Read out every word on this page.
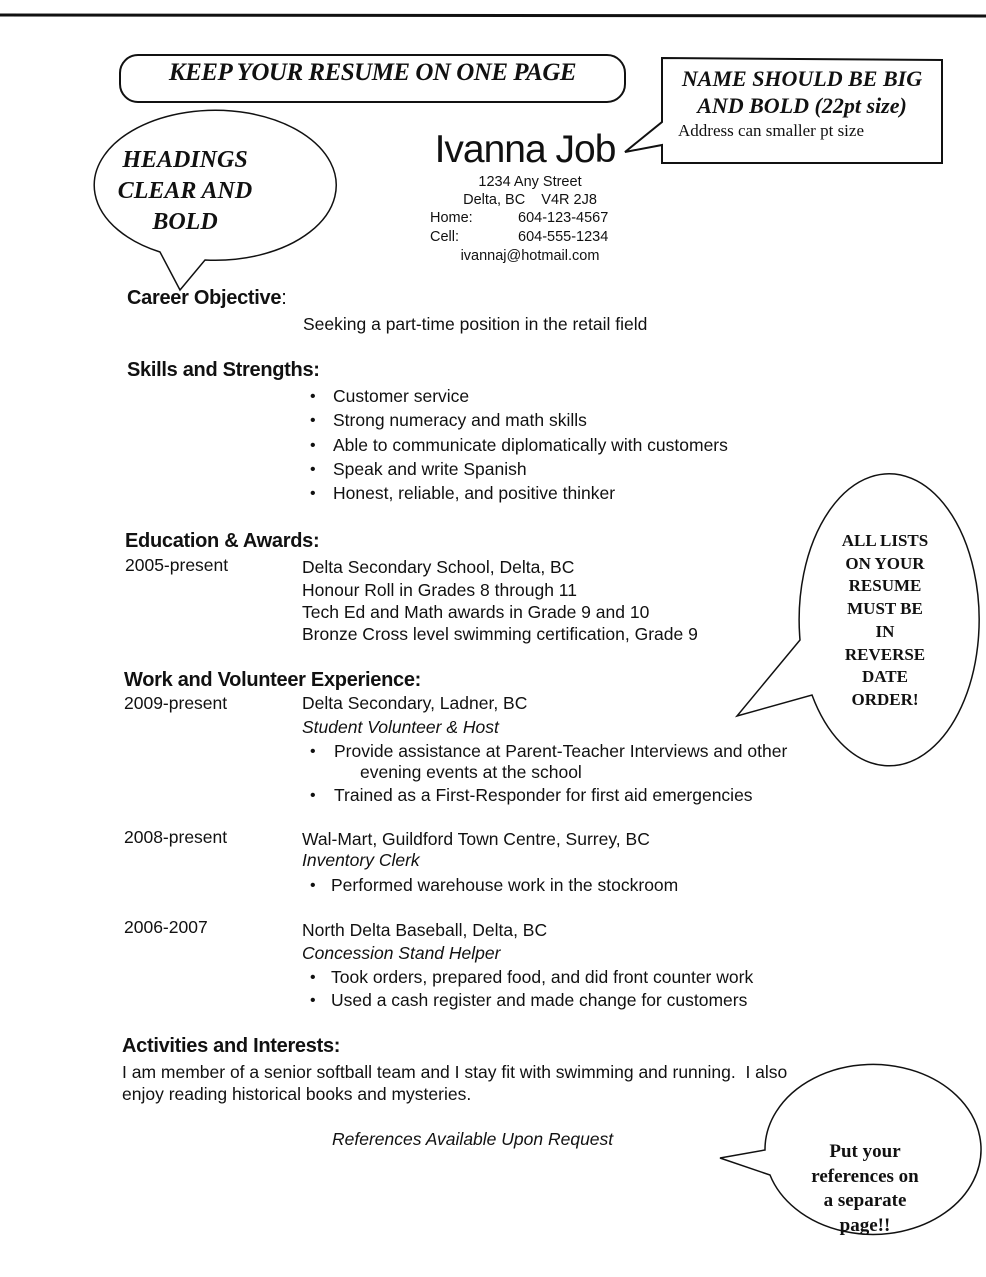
KEEP YOUR RESUME ON ONE PAGE	NAME SHOULD BE BIG
AND BOLD (22pt size)
Address can smaller pt size
HEADINGS
CLEAR AND
BOLD
ALL LISTS
ON YOUR
RESUME
MUST BE
IN
REVERSE
DATE
ORDER!
Put your
references on
a separate
page!!
Ivanna Job
1234 Any Street
Delta, BC    V4R 2J8
Home:	604-123-4567
Cell:	604-555-1234
ivannaj@hotmail.com
Career Objective:
Seeking a part-time position in the retail field
Skills and Strengths:
• Customer service
• Strong numeracy and math skills
• Able to communicate diplomatically with customers
• Speak and write Spanish
• Honest, reliable, and positive thinker
Education & Awards:
2005-present	Delta Secondary School, Delta, BC
Honour Roll in Grades 8 through 11
Tech Ed and Math awards in Grade 9 and 10
Bronze Cross level swimming certification, Grade 9
Work and Volunteer Experience:
2009-present	Delta Secondary, Ladner, BC
Student Volunteer & Host
• Provide assistance at Parent-Teacher Interviews and other
evening events at the school
• Trained as a First-Responder for first aid emergencies
2008-present	Wal-Mart, Guildford Town Centre, Surrey, BC
Inventory Clerk
• Performed warehouse work in the stockroom
2006-2007	North Delta Baseball, Delta, BC
Concession Stand Helper
• Took orders, prepared food, and did front counter work
• Used a cash register and made change for customers
Activities and Interests:
I am member of a senior softball team and I stay fit with swimming and running.  I also
enjoy reading historical books and mysteries.
References Available Upon Request
